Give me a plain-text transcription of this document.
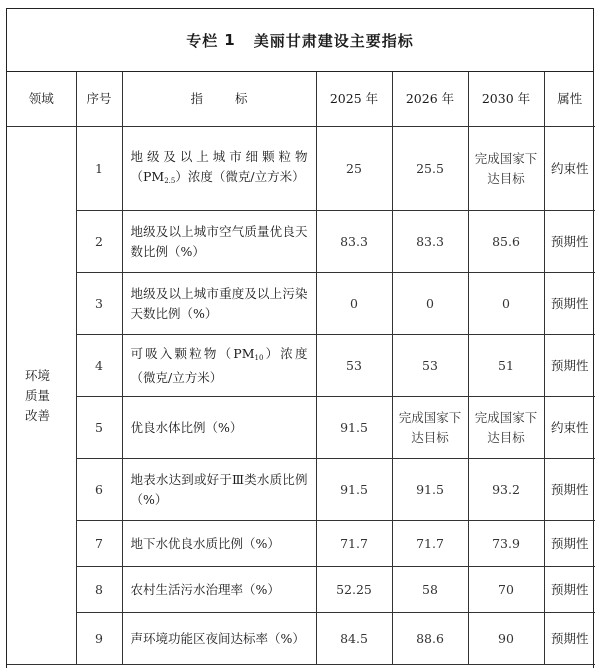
专栏 1 美丽甘肃建设主要指标
领域	序号	指 标	2025 年	2026 年	2030 年	属性

环境质量改善	1	地级及以上城市细颗粒物$(PM_{2.5})$浓度（微克/立方米）	25	25.5	完成国家下达目标	约束性
	2	地级及以上城市空气质量优良天数比例（%）	83.3	83.3	85.6	预期性
	3	地级及以上城市重度及以上污染天数比例（%）	0	0	0	预期性
	4	可吸入颗粒物$(PM_{10})$浓度（微克/立方米）	53	53	51	预期性
	5	优良水体比例（%）	91.5	完成国家下达目标	完成国家下达目标	约束性
	6	地表水达到或好于Ⅲ类水质比例（%）	91.5	91.5	93.2	预期性
	7	地下水优良水质比例（%）	71.7	71.7	73.9	预期性
	8	农村生活污水治理率（%）	52.25	58	70	预期性
	9	声环境功能区夜间达标率（%）	84.5	88.6	90	预期性
